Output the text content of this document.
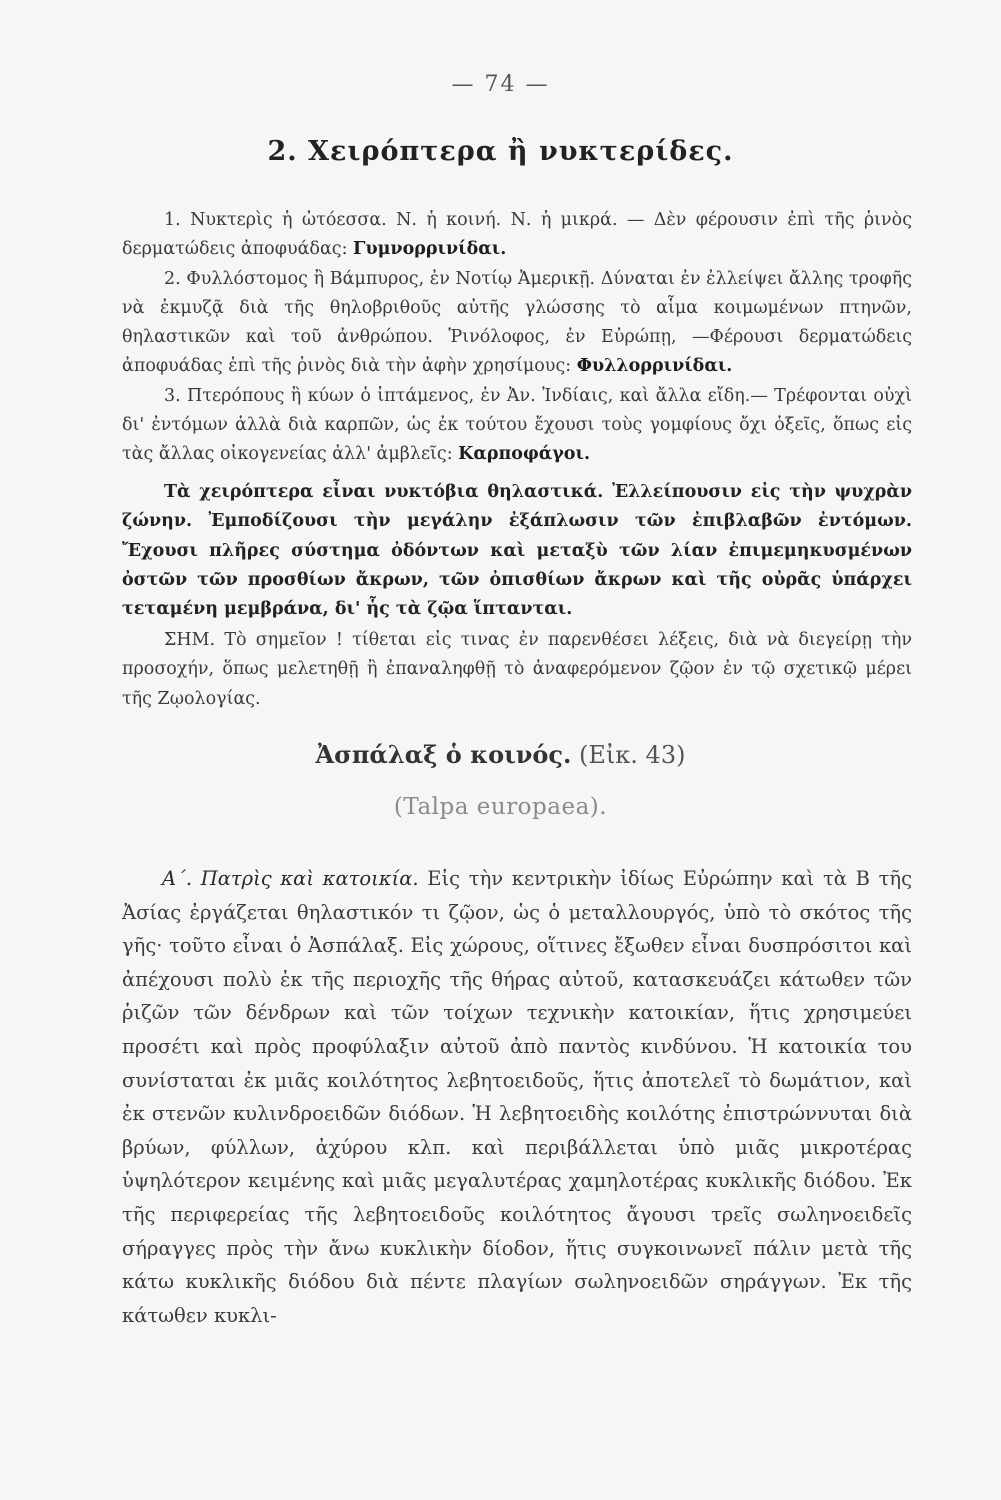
— 74 —
2. Χειρόπτερα ἢ νυκτερίδες.

1. Νυκτερὶς ἡ ὠτόεσσα. Ν. ἡ κοινή. Ν. ἡ μικρά. — Δὲν φέρουσιν ἐπὶ τῆς ῥινὸς δερματώδεις ἀποφυάδας: Γυμνορρινίδαι.

2. Φυλλόστομος ἢ Βάμπυρος, ἐν Νοτίῳ Ἀμερικῇ. Δύναται ἐν ἐλλείψει ἄλλης τροφῆς νὰ ἐκμυζᾷ διὰ τῆς θηλοβριθοῦς αὐτῆς γλώσσης τὸ αἷμα κοιμωμένων πτηνῶν, θηλαστικῶν καὶ τοῦ ἀνθρώπου. Ῥινόλοφος, ἐν Εὐρώπῃ, —Φέρουσι δερματώδεις ἀποφυάδας ἐπὶ τῆς ῥινὸς διὰ τὴν ἀφὴν χρησίμους: Φυλλορρινίδαι.

3. Πτερόπους ἢ κύων ὁ ἱπτάμενος, ἐν Ἀν. Ἰνδίαις, καὶ ἄλλα εἴδη.— Τρέφονται οὐχὶ δι' ἐντόμων ἀλλὰ διὰ καρπῶν, ὡς ἐκ τούτου ἔχουσι τοὺς γομφίους ὄχι ὀξεῖς, ὅπως εἰς τὰς ἄλλας οἰκογενείας ἀλλ' ἀμβλεῖς: Καρποφάγοι.

Τὰ χειρόπτερα εἶναι νυκτόβια θηλαστικά. Ἐλλείπουσιν εἰς τὴν ψυχρὰν ζώνην. Ἐμποδίζουσι τὴν μεγάλην ἐξάπλωσιν τῶν ἐπιβλαβῶν ἐντόμων. Ἔχουσι πλῆρες σύστημα ὀδόντων καὶ μεταξὺ τῶν λίαν ἐπιμεμηκυσμένων ὀστῶν τῶν προσθίων ἄκρων, τῶν ὀπισθίων ἄκρων καὶ τῆς οὐρᾶς ὑπάρχει τεταμένη μεμβράνα, δι' ἧς τὰ ζῷα ἵπτανται.

ΣΗΜ. Τὸ σημεῖον ! τίθεται εἰς τινας ἐν παρενθέσει λέξεις, διὰ νὰ διεγείρῃ τὴν προσοχήν, ὅπως μελετηθῇ ἢ ἐπαναληφθῇ τὸ ἀναφερόμενον ζῷον ἐν τῷ σχετικῷ μέρει τῆς Ζῳολογίας.

Ἀσπάλαξ ὁ κοινός. (Εἰκ. 43)
(Talpa europaea).

Α΄. Πατρὶς καὶ κατοικία. Εἰς τὴν κεντρικὴν ἰδίως Εὐρώπην καὶ τὰ Β τῆς Ἀσίας ἐργάζεται θηλαστικόν τι ζῷον, ὡς ὁ μεταλλουργός, ὑπὸ τὸ σκότος τῆς γῆς· τοῦτο εἶναι ὁ Ἀσπάλαξ. Εἰς χώρους, οἵτινες ἔξωθεν εἶναι δυσπρόσιτοι καὶ ἀπέχουσι πολὺ ἐκ τῆς περιοχῆς τῆς θήρας αὐτοῦ, κατασκευάζει κάτωθεν τῶν ῥιζῶν τῶν δένδρων καὶ τῶν τοίχων τεχνικὴν κατοικίαν, ἥτις χρησιμεύει προσέτι καὶ πρὸς προφύλαξιν αὐτοῦ ἀπὸ παντὸς κινδύνου. Ἡ κατοικία του συνίσταται ἐκ μιᾶς κοιλότητος λεβητοειδοῦς, ἥτις ἀποτελεῖ τὸ δωμάτιον, καὶ ἐκ στενῶν κυλινδροειδῶν διόδων. Ἡ λεβητοειδὴς κοιλότης ἐπιστρώννυται διὰ βρύων, φύλλων, ἀχύρου κλπ. καὶ περιβάλλεται ὑπὸ μιᾶς μικροτέρας ὑψηλότερον κειμένης καὶ μιᾶς μεγαλυτέρας χαμηλοτέρας κυκλικῆς διόδου. Ἐκ τῆς περιφερείας τῆς λεβητοειδοῦς κοιλότητος ἄγουσι τρεῖς σωληνοειδεῖς σήραγγες πρὸς τὴν ἄνω κυκλικὴν δίοδον, ἥτις συγκοινωνεῖ πάλιν μετὰ τῆς κάτω κυκλικῆς διόδου διὰ πέντε πλαγίων σωληνοειδῶν σηράγγων. Ἐκ τῆς κάτωθεν κυκλι-
